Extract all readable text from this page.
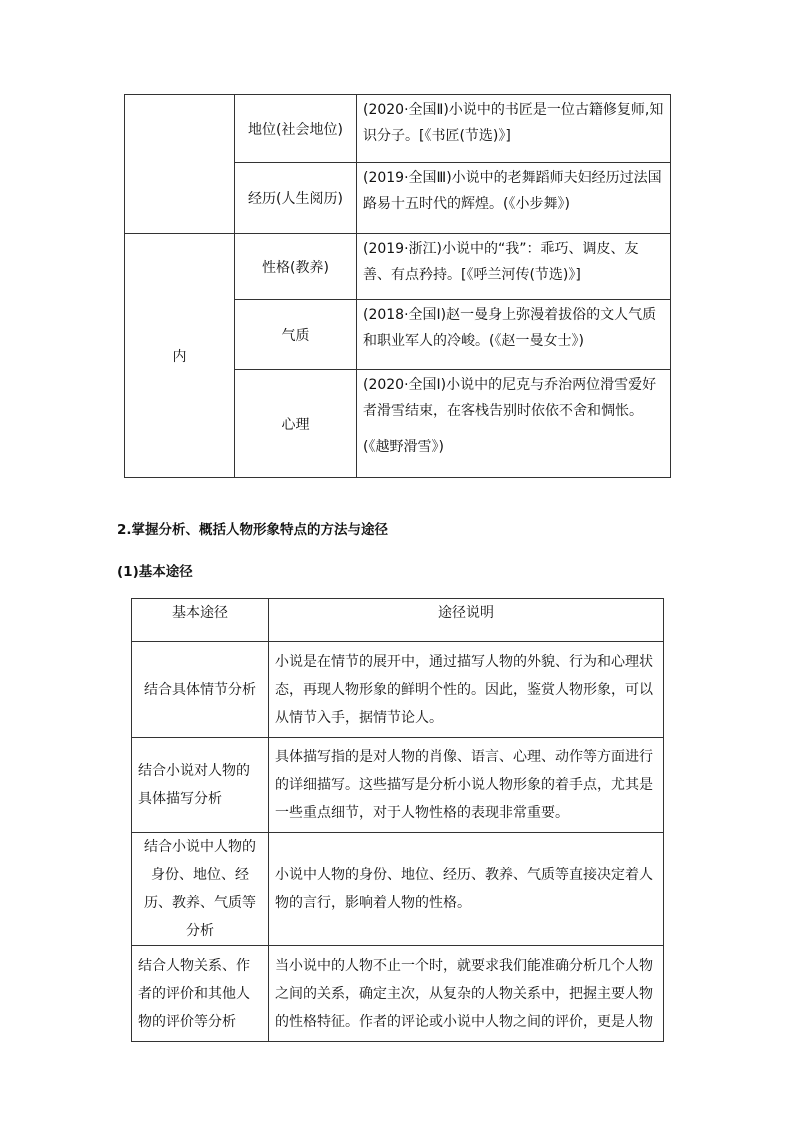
	地位(社会地位)	(2020·全国Ⅱ)小说中的书匠是一位古籍修复师,知识分子。[《书匠(节选)》]
	经历(人生阅历)	(2019·全国Ⅲ)小说中的老舞蹈师夫妇经历过法国路易十五时代的辉煌。(《小步舞》)
内	性格(教养)	(2019·浙江)小说中的“我”：乖巧、调皮、友善、有点矜持。[《呼兰河传(节选)》]
	气质	(2018·全国Ⅰ)赵一曼身上弥漫着拔俗的文人气质和职业军人的冷峻。(《赵一曼女士》)
	心理	(2020·全国Ⅰ)小说中的尼克与乔治两位滑雪爱好者滑雪结束，在客栈告别时依依不舍和惆怅。
(《越野滑雪》)
2.掌握分析、概括人物形象特点的方法与途径
(1)基本途径
基本途径	途径说明
结合具体情节分析	小说是在情节的展开中，通过描写人物的外貌、行为和心理状态，再现人物形象的鲜明个性的。因此，鉴赏人物形象，可以从情节入手，据情节论人。
结合小说对人物的具体描写分析	具体描写指的是对人物的肖像、语言、心理、动作等方面进行的详细描写。这些描写是分析小说人物形象的着手点，尤其是一些重点细节，对于人物性格的表现非常重要。
结合小说中人物的身份、地位、经历、教养、气质等分析	小说中人物的身份、地位、经历、教养、气质等直接决定着人物的言行，影响着人物的性格。
结合人物关系、作者的评价和其他人物的评价等分析	当小说中的人物不止一个时，就要求我们能准确分析几个人物之间的关系，确定主次，从复杂的人物关系中，把握主要人物的性格特征。作者的评论或小说中人物之间的评价，更是人物
